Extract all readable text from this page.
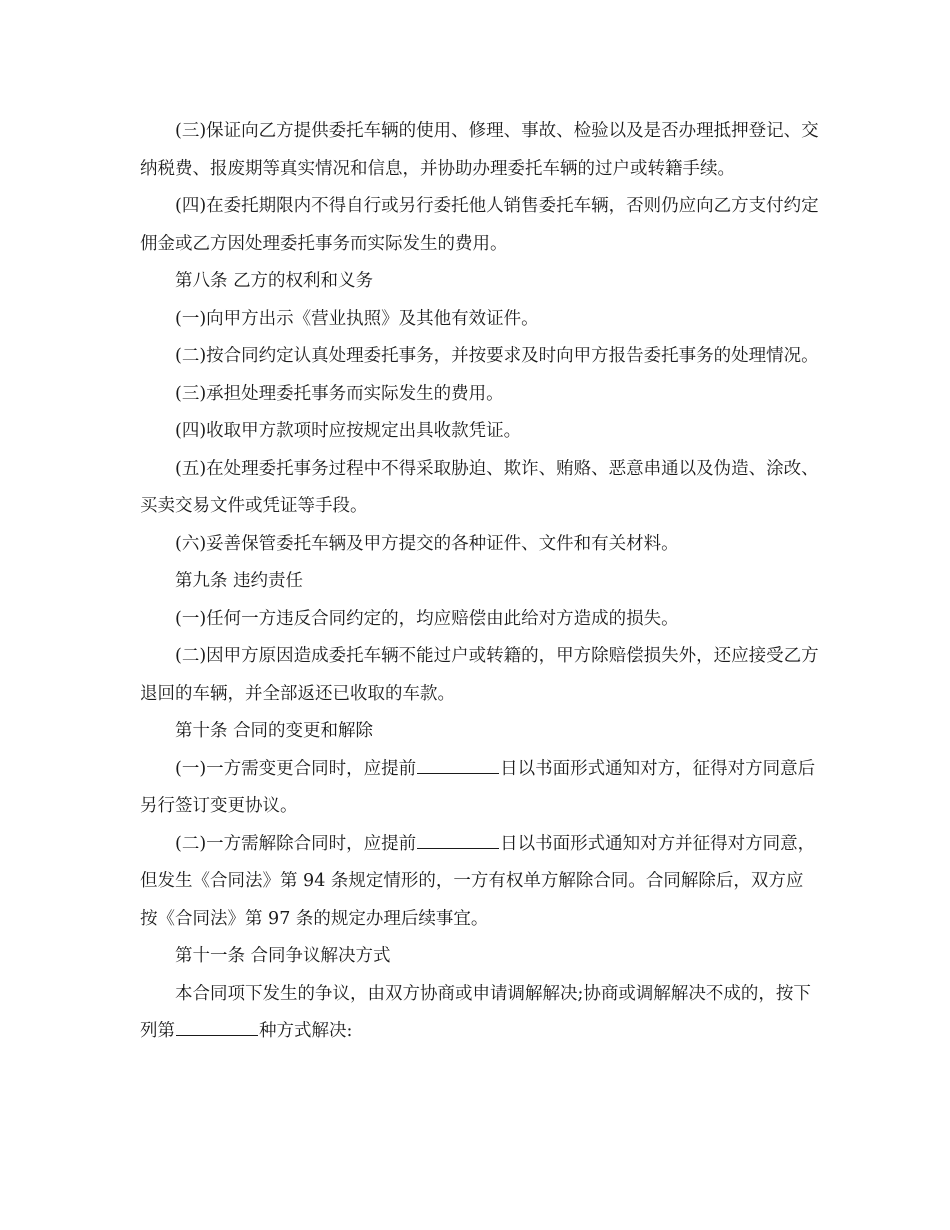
(三)保证向乙方提供委托车辆的使用、修理、事故、检验以及是否办理抵押登记、交纳税费、报废期等真实情况和信息，并协助办理委托车辆的过户或转籍手续。

(四)在委托期限内不得自行或另行委托他人销售委托车辆，否则仍应向乙方支付约定佣金或乙方因处理委托事务而实际发生的费用。

第八条 乙方的权利和义务

(一)向甲方出示《营业执照》及其他有效证件。

(二)按合同约定认真处理委托事务，并按要求及时向甲方报告委托事务的处理情况。

(三)承担处理委托事务而实际发生的费用。

(四)收取甲方款项时应按规定出具收款凭证。

(五)在处理委托事务过程中不得采取胁迫、欺诈、贿赂、恶意串通以及伪造、涂改、买卖交易文件或凭证等手段。

(六)妥善保管委托车辆及甲方提交的各种证件、文件和有关材料。

第九条 违约责任

(一)任何一方违反合同约定的，均应赔偿由此给对方造成的损失。

(二)因甲方原因造成委托车辆不能过户或转籍的，甲方除赔偿损失外，还应接受乙方退回的车辆，并全部返还已收取的车款。

第十条 合同的变更和解除

(一)一方需变更合同时，应提前	日以书面形式通知对方，征得对方同意后另行签订变更协议。

(二)一方需解除合同时，应提前	日以书面形式通知对方并征得对方同意，但发生《合同法》第 94 条规定情形的，一方有权单方解除合同。合同解除后，双方应按《合同法》第 97 条的规定办理后续事宜。

第十一条 合同争议解决方式

本合同项下发生的争议，由双方协商或申请调解解决;协商或调解解决不成的，按下列第	种方式解决:
